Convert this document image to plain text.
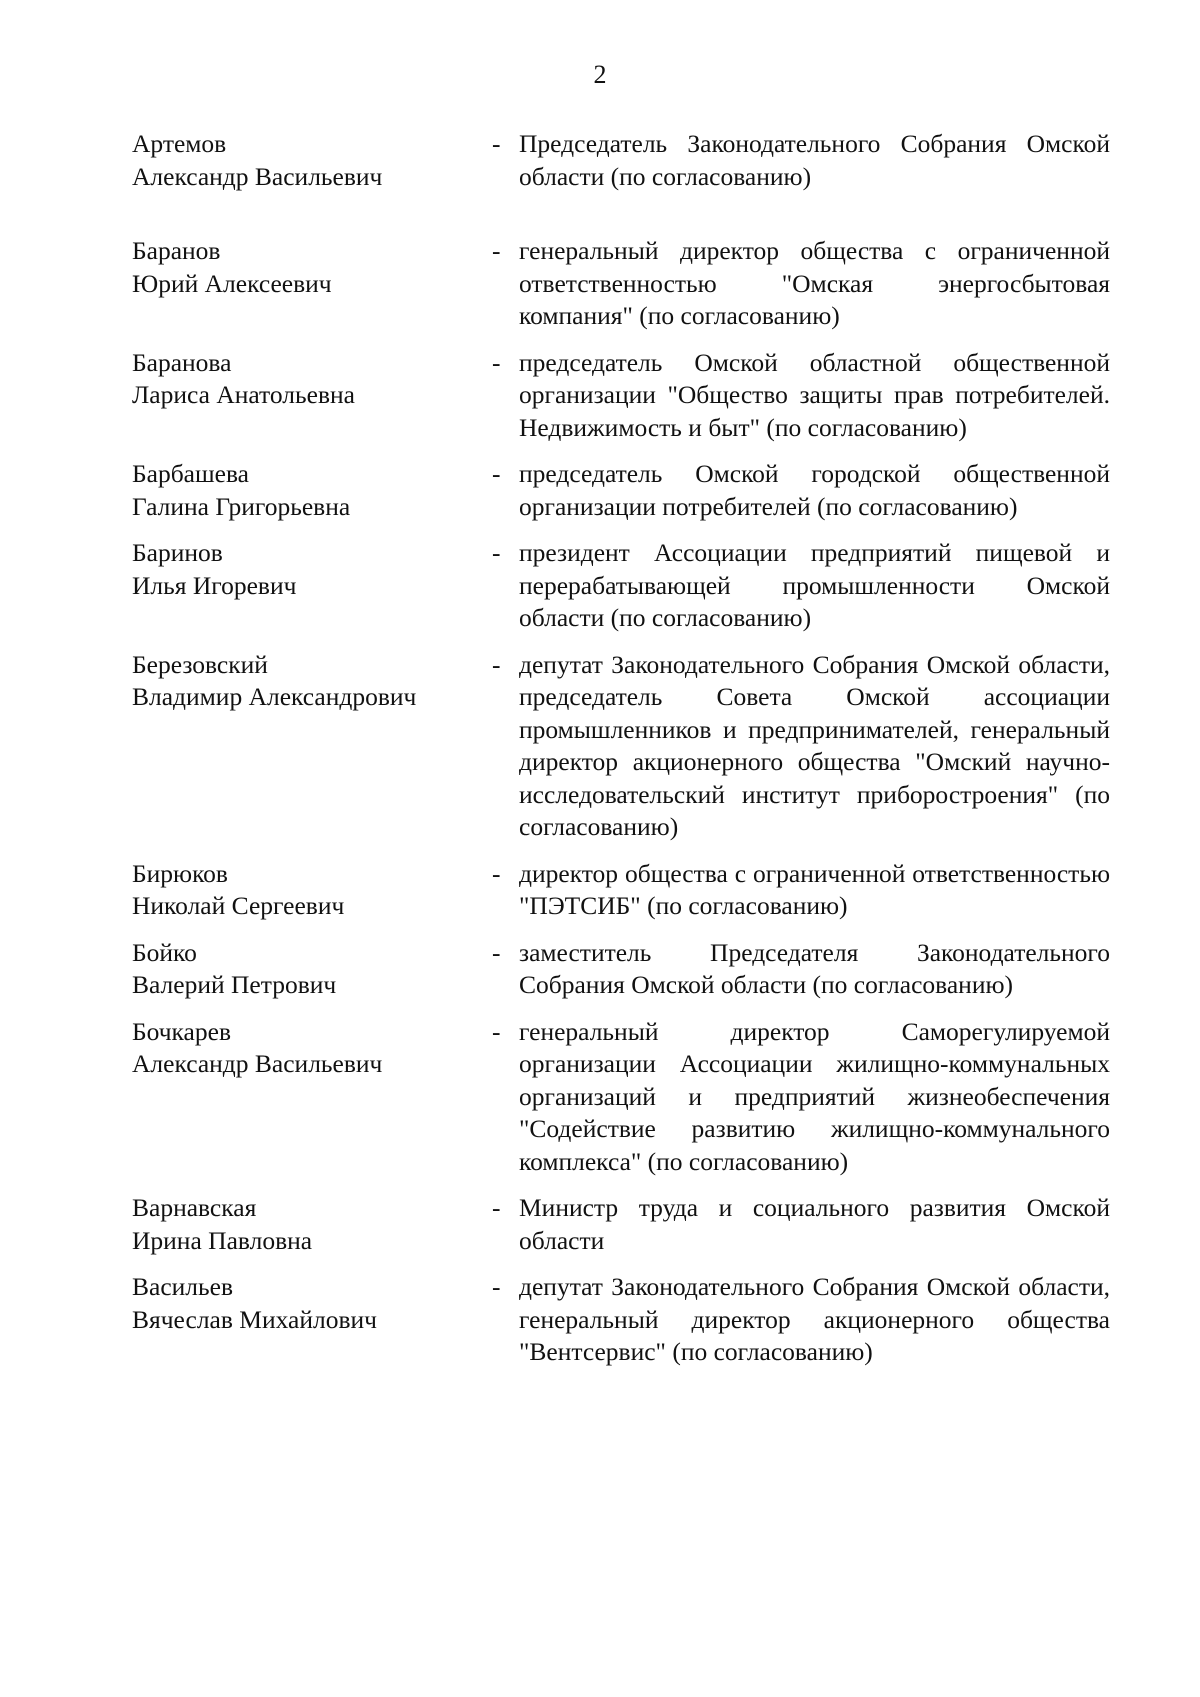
2
Артемов
Александр Васильевич
- Председатель Законодательного Собрания Омской области (по согласованию)
Баранов
Юрий Алексеевич
- генеральный директор общества с ограниченной ответственностью "Омская энергосбытовая компания" (по согласованию)
Баранова
Лариса Анатольевна
- председатель Омской областной общественной организации "Общество защиты прав потребителей. Недвижимость и быт" (по согласованию)
Барбашева
Галина Григорьевна
- председатель Омской городской общественной организации потребителей (по согласованию)
Баринов
Илья Игоревич
- президент Ассоциации предприятий пищевой и перерабатывающей промышленности Омской области (по согласованию)
Березовский
Владимир Александрович
- депутат Законодательного Собрания Омской области, председатель Совета Омской ассоциации промышленников и предпринимателей, генеральный директор акционерного общества "Омский научно-исследовательский институт приборостроения" (по согласованию)
Бирюков
Николай Сергеевич
- директор общества с ограниченной ответственностью "ПЭТСИБ" (по согласованию)
Бойко
Валерий Петрович
- заместитель Председателя Законодательного Собрания Омской области (по согласованию)
Бочкарев
Александр Васильевич
- генеральный директор Саморегулируемой организации Ассоциации жилищно-коммунальных организаций и предприятий жизнеобеспечения "Содействие развитию жилищно-коммунального комплекса" (по согласованию)
Варнавская
Ирина Павловна
- Министр труда и социального развития Омской области
Васильев
Вячеслав Михайлович
- депутат Законодательного Собрания Омской области, генеральный директор акционерного общества "Вентсервис" (по согласованию)
